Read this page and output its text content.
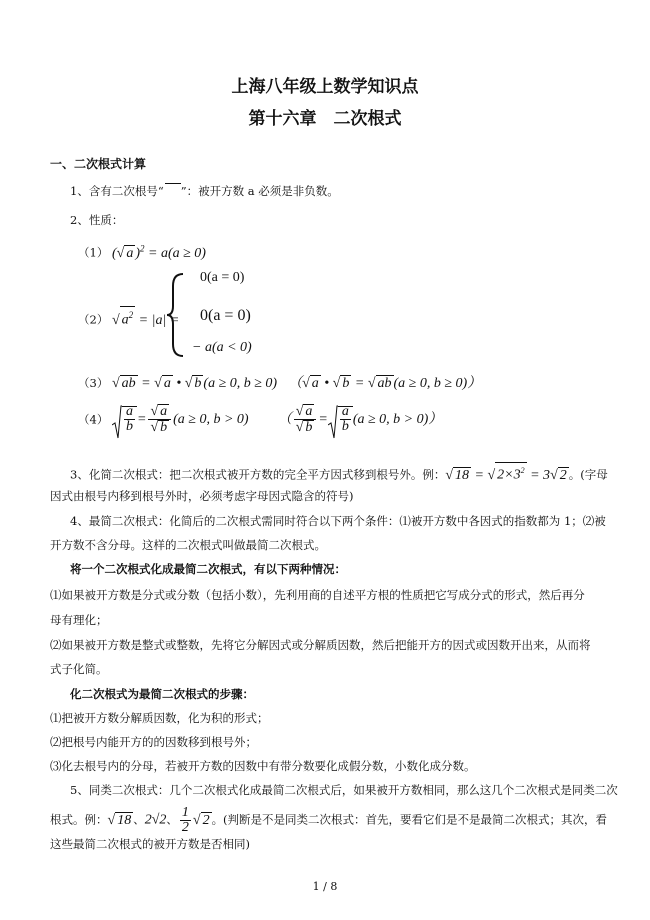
上海八年级上数学知识点
第十六章　二次根式
一、二次根式计算
1、含有二次根号“ ”：被开方数 a 必须是非负数。
2、性质：
（1） (√ a )$^2$ = a(a ≥ 0)
（2） √ $a^2 = |a|$ =
0(a = 0)
0(a = 0)
− a(a < 0)
（3） √ ab = √ a • √ b (a ≥ 0, b ≥ 0) （√ a • √ b = √ ab (a ≥ 0, b ≥ 0)）
$(4) \frac{a}{b} = \frac{√ a}{√ b} (a \ge 0$, b > 0) （ $\frac{√ a}{√ b} = \frac{a}{b} (a \ge 0$, b > 0)）
3、化简二次根式：把二次根式被开方数的完全平方因式移到根号外。例：√ 18 = √ $2\times 3^2 = 3√$ 2 。(字母
因式由根号内移到根号外时，必须考虑字母因式隐含的符号)
4、最简二次根式：化简后的二次根式需同时符合以下两个条件：⑴被开方数中各因式的指数都为 1；⑵被
开方数不含分母。这样的二次根式叫做最简二次根式。
将一个二次根式化成最简二次根式，有以下两种情况：
⑴如果被开方数是分式或分数（包括小数），先利用商的自述平方根的性质把它写成分式的形式，然后再分
母有理化；
⑵如果被开方数是整式或整数，先将它分解因式或分解质因数，然后把能开方的因式或因数开出来，从而将
式子化简。
化二次根式为最简二次根式的步骤：
⑴把被开方数分解质因数，化为积的形式；
⑵把根号内能开方的的因数移到根号外；
⑶化去根号内的分母，若被开方数的因数中有带分数要化成假分数，小数化成分数。
5、同类二次根式：几个二次根式化成最简二次根式后，如果被开方数相同，那么这几个二次根式是同类二次
根式。例：√ 18 、2√2、 $\frac{1}{2}$ √ 2 。(判断是不是同类二次根式：首先，要看它们是不是最简二次根式；其次，看
这些最简二次根式的被开方数是否相同)
1 / 8
